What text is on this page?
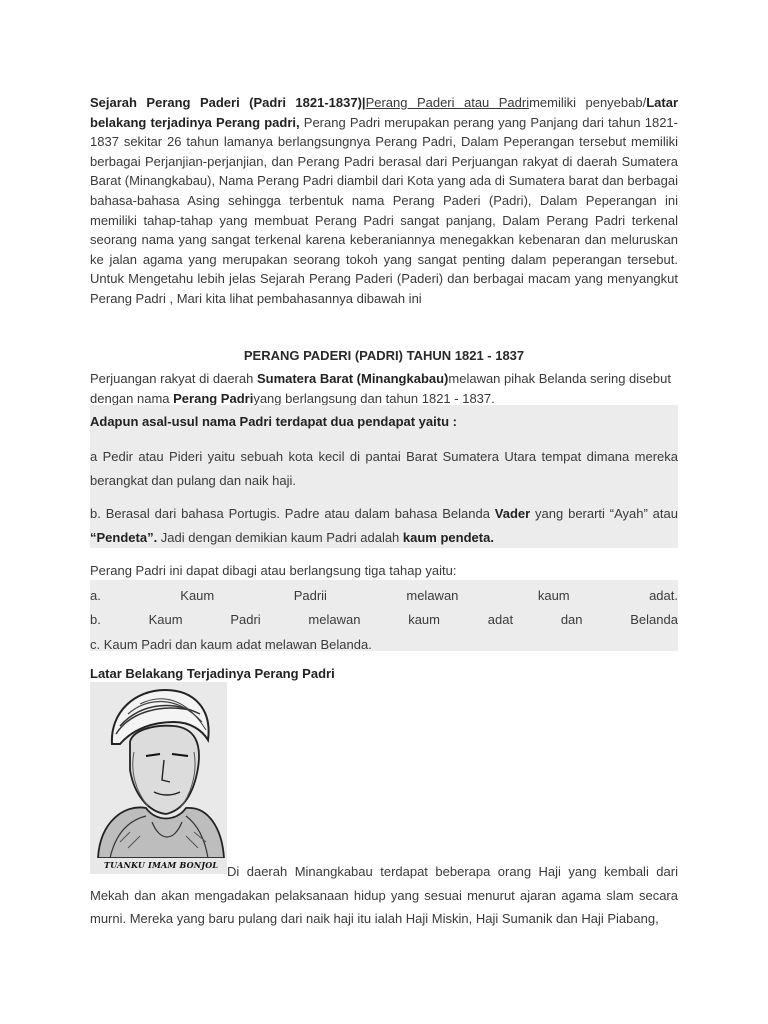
Sejarah Perang Paderi (Padri 1821-1837)|Perang Paderi atau Padrimemiliki penyebab/Latar belakang terjadinya Perang padri, Perang Padri merupakan perang yang Panjang dari tahun 1821-1837 sekitar 26 tahun lamanya berlangsungnya Perang Padri, Dalam Peperangan tersebut memiliki berbagai Perjanjian-perjanjian, dan Perang Padri berasal dari Perjuangan rakyat di daerah Sumatera Barat (Minangkabau), Nama Perang Padri diambil dari Kota yang ada di Sumatera barat dan berbagai bahasa-bahasa Asing sehingga terbentuk nama Perang Paderi (Padri), Dalam Peperangan ini memiliki tahap-tahap yang membuat Perang Padri sangat panjang, Dalam Perang Padri terkenal seorang nama yang sangat terkenal karena keberaniannya menegakkan kebenaran dan meluruskan ke jalan agama yang merupakan seorang tokoh yang sangat penting dalam peperangan tersebut. Untuk Mengetahu lebih jelas Sejarah Perang Paderi (Paderi) dan berbagai macam yang menyangkut Perang Padri , Mari kita lihat pembahasannya dibawah ini
PERANG PADERI (PADRI) TAHUN 1821 - 1837
Perjuangan rakyat di daerah Sumatera Barat (Minangkabau)melawan pihak Belanda sering disebut dengan nama Perang Padriyang berlangsung dan tahun 1821 - 1837.
Adapun asal-usul nama Padri terdapat dua pendapat yaitu :
a Pedir atau Pideri yaitu sebuah kota kecil di pantai Barat Sumatera Utara tempat dimana mereka berangkat dan pulang dan naik haji.
b. Berasal dari bahasa Portugis. Padre atau dalam bahasa Belanda Vader yang berarti “Ayah” atau “Pendeta”. Jadi dengan demikian kaum Padri adalah kaum pendeta.
Perang Padri ini dapat dibagi atau berlangsung tiga tahap yaitu:
a.	Kaum	Padrii	melawan	kaum	adat.
b.	Kaum	Padri	melawan	kaum	adat	dan	Belanda
c. Kaum Padri dan kaum adat melawan Belanda.
Latar Belakang Terjadinya Perang Padri
TUANKU IMAM BONJOL Di daerah Minangkabau terdapat beberapa orang Haji yang kembali dari Mekah dan akan mengadakan pelaksanaan hidup yang sesuai menurut ajaran agama slam secara murni. Mereka yang baru pulang dari naik haji itu ialah Haji Miskin, Haji Sumanik dan Haji Piabang,
